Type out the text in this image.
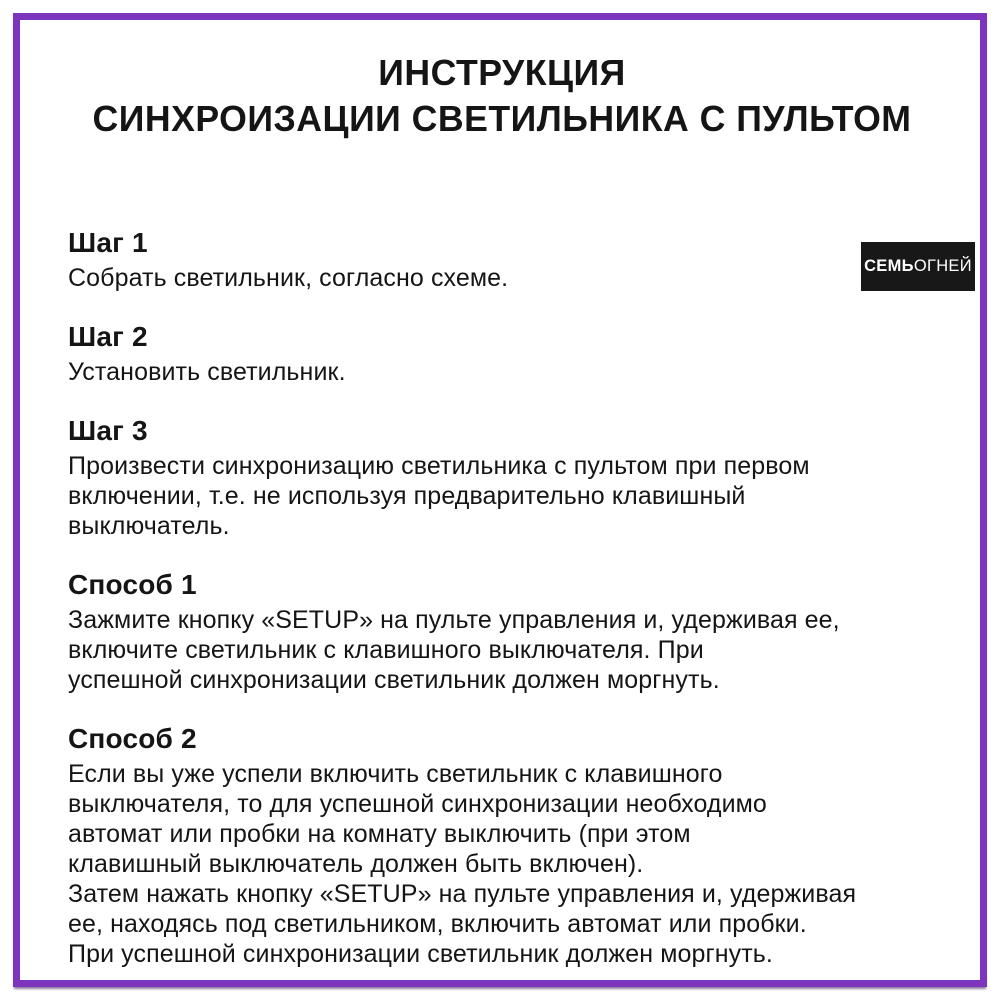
ИНСТРУКЦИЯ
СИНХРОИЗАЦИИ СВЕТИЛЬНИКА С ПУЛЬТОМ
СЕМЬ ОГНЕЙ
Шаг 1

Собрать светильник, согласно схеме.

Шаг 2

Установить светильник.

Шаг 3

Произвести синхронизацию светильника с пультом при первом
включении, т.е. не используя предварительно клавишный
выключатель.

Способ 1

Зажмите кнопку «SETUP» на пульте управления и, удерживая ее,
включите светильник с клавишного выключателя. При
успешной синхронизации светильник должен моргнуть.

Способ 2

Если вы уже успели включить светильник с клавишного
выключателя, то для успешной синхронизации необходимо
автомат или пробки на комнату выключить (при этом
клавишный выключатель должен быть включен).
Затем нажать кнопку «SETUP» на пульте управления и, удерживая
ее, находясь под светильником, включить автомат или пробки.
При успешной синхронизации светильник должен моргнуть.
